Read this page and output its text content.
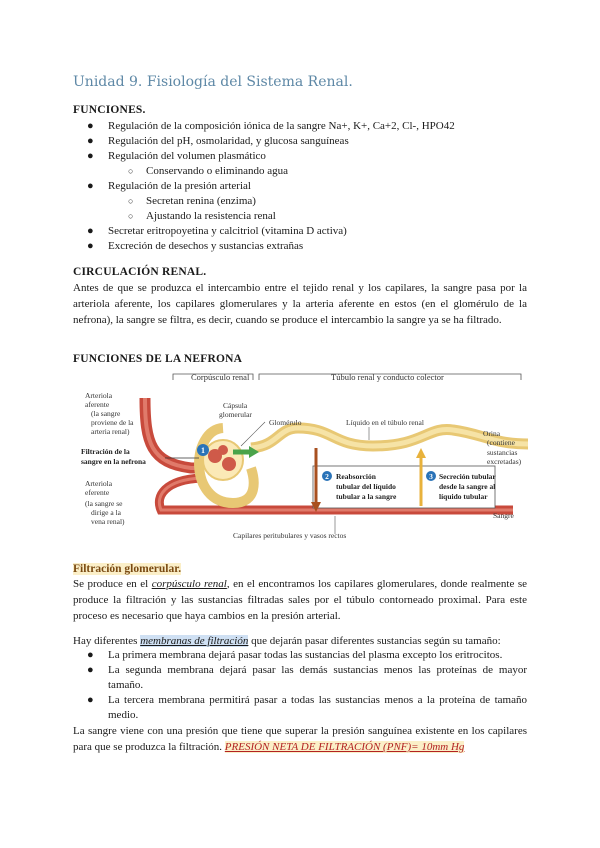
Unidad 9. Fisiología del Sistema Renal.
FUNCIONES.
● Regulación de la composición iónica de la sangre Na+, K+, Ca+2, Cl-, HPO42
● Regulación del pH, osmolaridad, y glucosa sanguíneas
● Regulación del volumen plasmático
○ Conservando o eliminando agua
● Regulación de la presión arterial
○ Secretan renina (enzima)
○ Ajustando la resistencia renal
● Secretar eritropoyetina y calcitriol (vitamina D activa)
● Excreción de desechos y sustancias extrañas
CIRCULACIÓN RENAL.
Antes de que se produzca el intercambio entre el tejido renal y los capilares, la sangre pasa por la arteriola aferente, los capilares glomerulares y la arteria aferente en estos (en el glomérulo de la nefrona), la sangre se filtra, es decir, cuando se produce el intercambio la sangre ya se ha filtrado.
FUNCIONES DE LA NEFRONA
Corpúsculo renal	Túbulo renal y conducto colector
1
2	3
Reabsorción
tubular del líquido
tubular a la sangre
Secreción tubular
desde la sangre al
líquido tubular
Arteriola
aferente
(la sangre
proviene de la
arteria renal)
Arteriola
eferente
(la sangre se
dirige a la
vena renal)
Filtración de la
sangre en la nefrona
Cápsula
glomerular
Glomérulo	Líquido en el túbulo renal
Orina
(contiene
sustancias
excretadas)
Sangre
Capilares peritubulares y vasos rectos
Filtración glomerular.
Se produce en el corpúsculo renal, en el encontramos los capilares glomerulares, donde realmente se produce la filtración y las sustancias filtradas sales por el túbulo contorneado proximal. Para este proceso es necesario que haya cambios en la presión arterial.
Hay diferentes membranas de filtración que dejarán pasar diferentes sustancias según su tamaño:
● La primera membrana dejará pasar todas las sustancias del plasma excepto los eritrocitos.
● La segunda membrana dejará pasar las demás sustancias menos las proteínas de mayor tamaño.
● La tercera membrana permitirá pasar a todas las sustancias menos a la proteína de tamaño medio.
La sangre viene con una presión que tiene que superar la presión sanguínea existente en los capilares para que se produzca la filtración. PRESIÓN NETA DE FILTRACIÓN (PNF)= 10mm Hg
